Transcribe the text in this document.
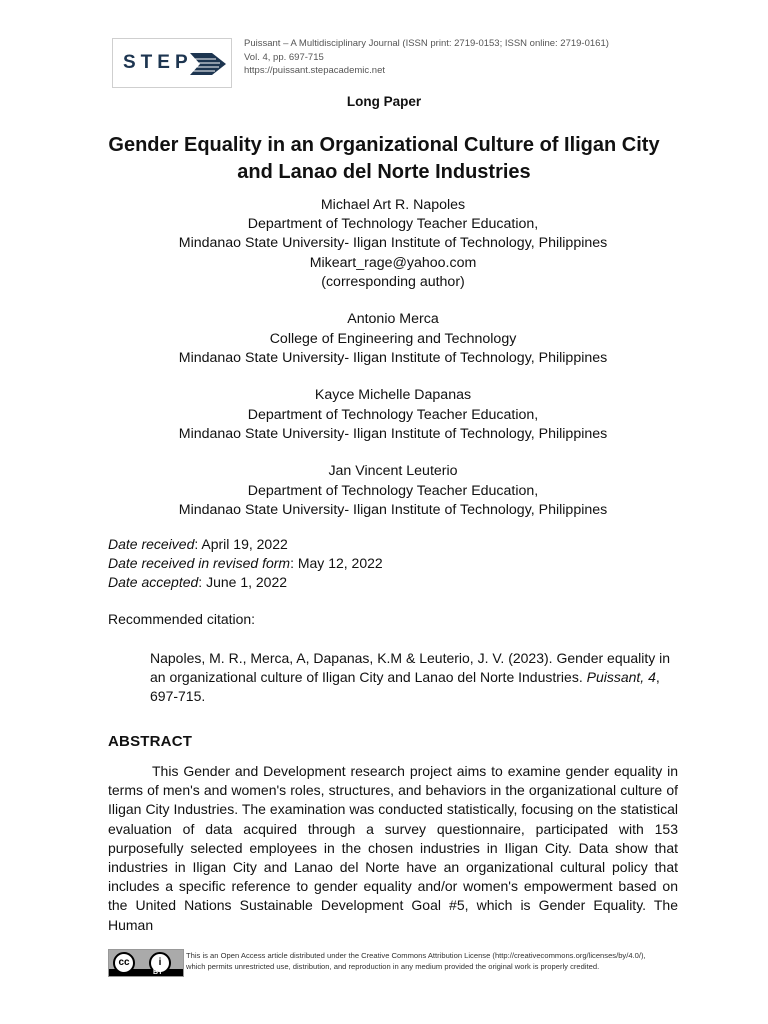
STEP
Puissant – A Multidisciplinary Journal (ISSN print: 2719-0153; ISSN online: 2719-0161)
Vol. 4, pp. 697-715
https://puissant.stepacademic.net
Long Paper
Gender Equality in an Organizational Culture of Iligan City
and Lanao del Norte Industries
Michael Art R. Napoles
Department of Technology Teacher Education,
Mindanao State University- Iligan Institute of Technology, Philippines
Mikeart_rage@yahoo.com
(corresponding author)
Antonio Merca
College of Engineering and Technology
Mindanao State University- Iligan Institute of Technology, Philippines
Kayce Michelle Dapanas
Department of Technology Teacher Education,
Mindanao State University- Iligan Institute of Technology, Philippines
Jan Vincent Leuterio
Department of Technology Teacher Education,
Mindanao State University- Iligan Institute of Technology, Philippines
Date received: April 19, 2022
Date received in revised form: May 12, 2022
Date accepted: June 1, 2022
Recommended citation:
Napoles, M. R., Merca, A, Dapanas, K.M & Leuterio, J. V. (2023). Gender equality in an organizational culture of Iligan City and Lanao del Norte Industries. Puissant, 4, 697-715.
ABSTRACT
This Gender and Development research project aims to examine gender equality in terms of men's and women's roles, structures, and behaviors in the organizational culture of Iligan City Industries. The examination was conducted statistically, focusing on the statistical evaluation of data acquired through a survey questionnaire, participated with 153 purposefully selected employees in the chosen industries in Iligan City. Data show that industries in Iligan City and Lanao del Norte have an organizational cultural policy that includes a specific reference to gender equality and/or women's empowerment based on the United Nations Sustainable Development Goal #5, which is Gender Equality. The Human
cc	i
BY
This is an Open Access article distributed under the Creative Commons Attribution License (http://creativecommons.org/licenses/by/4.0/),
which permits unrestricted use, distribution, and reproduction in any medium provided the original work is properly credited.
